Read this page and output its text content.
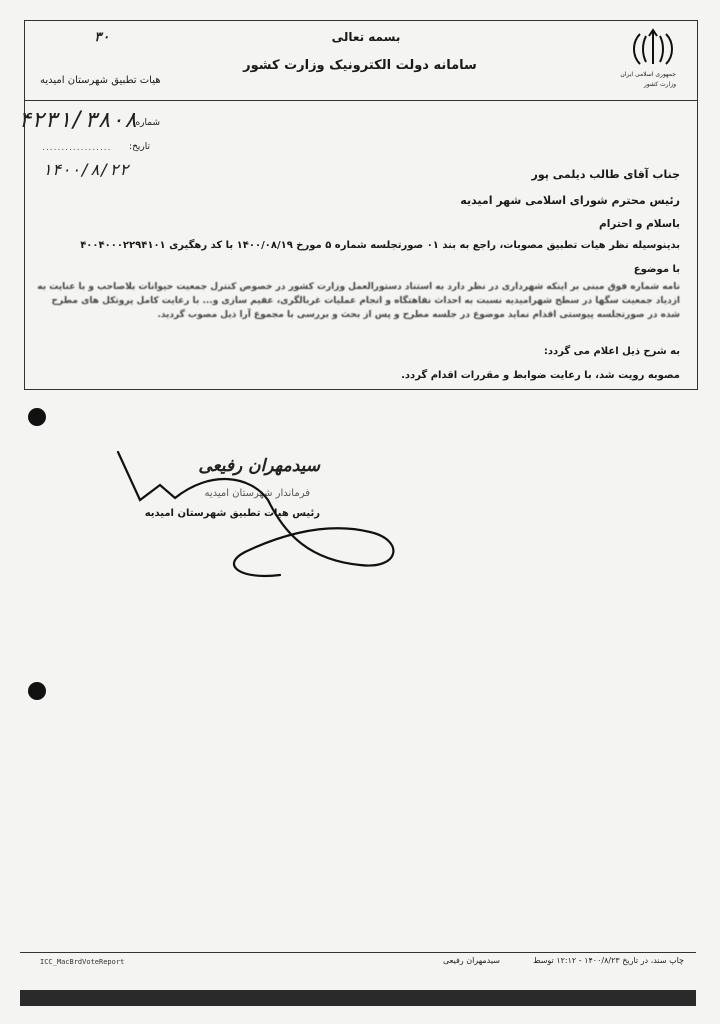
جمهوری اسلامی ایران
وزارت کشور
بسمه تعالی
سامانه دولت الکترونیک وزارت کشور
هیات تطبیق شهرستان امیدیه
۳۰
۴۲۳۱/۳۸۰۸
شماره:
تاریخ:
..................
۱۴۰۰/۸/۲۲	جناب آقای طالب دیلمی پور
رئیس محترم شورای اسلامی شهر امیدیه
باسلام و احترام
بدینوسیله نظر هیات تطبیق مصوبات، راجع به بند ۰۱ صورتجلسه شماره ۵ مورخ ۱۴۰۰/۰۸/۱۹ با کد رهگیری ۴۰۰۴۰۰۰۲۲۹۴۱۰۱
با موضوع
نامه شماره فوق مبنی بر اینکه شهرداری در نظر دارد به استناد دستورالعمل وزارت کشور در خصوص کنترل جمعیت حیوانات بلاصاحب و با عنایت به
ازدیاد جمعیت سگها در سطح شهرامیدیه نسبت به احداث نقاهتگاه و انجام عملیات غربالگری، عقیم سازی و... با رعایت کامل پروتکل های مطرح
شده در صورتجلسه پیوستی اقدام نماید موضوع در جلسه مطرح و پس از بحث و بررسی با مجموع آرا ذیل مصوب گردید.
به شرح ذیل اعلام می گردد:
مصوبه رویت شد، با رعایت ضوابط و مقررات اقدام گردد.
سیدمهران رفیعی
فرماندار شهرستان امیدیه
رئیس هیات تطبیق شهرستان امیدیه
ICC_MacBrdVoteReport	سیدمهران رفیعی	چاپ سند، در تاریخ ۱۴۰۰/۸/۲۳ - ۱۲:۱۲ توسط
